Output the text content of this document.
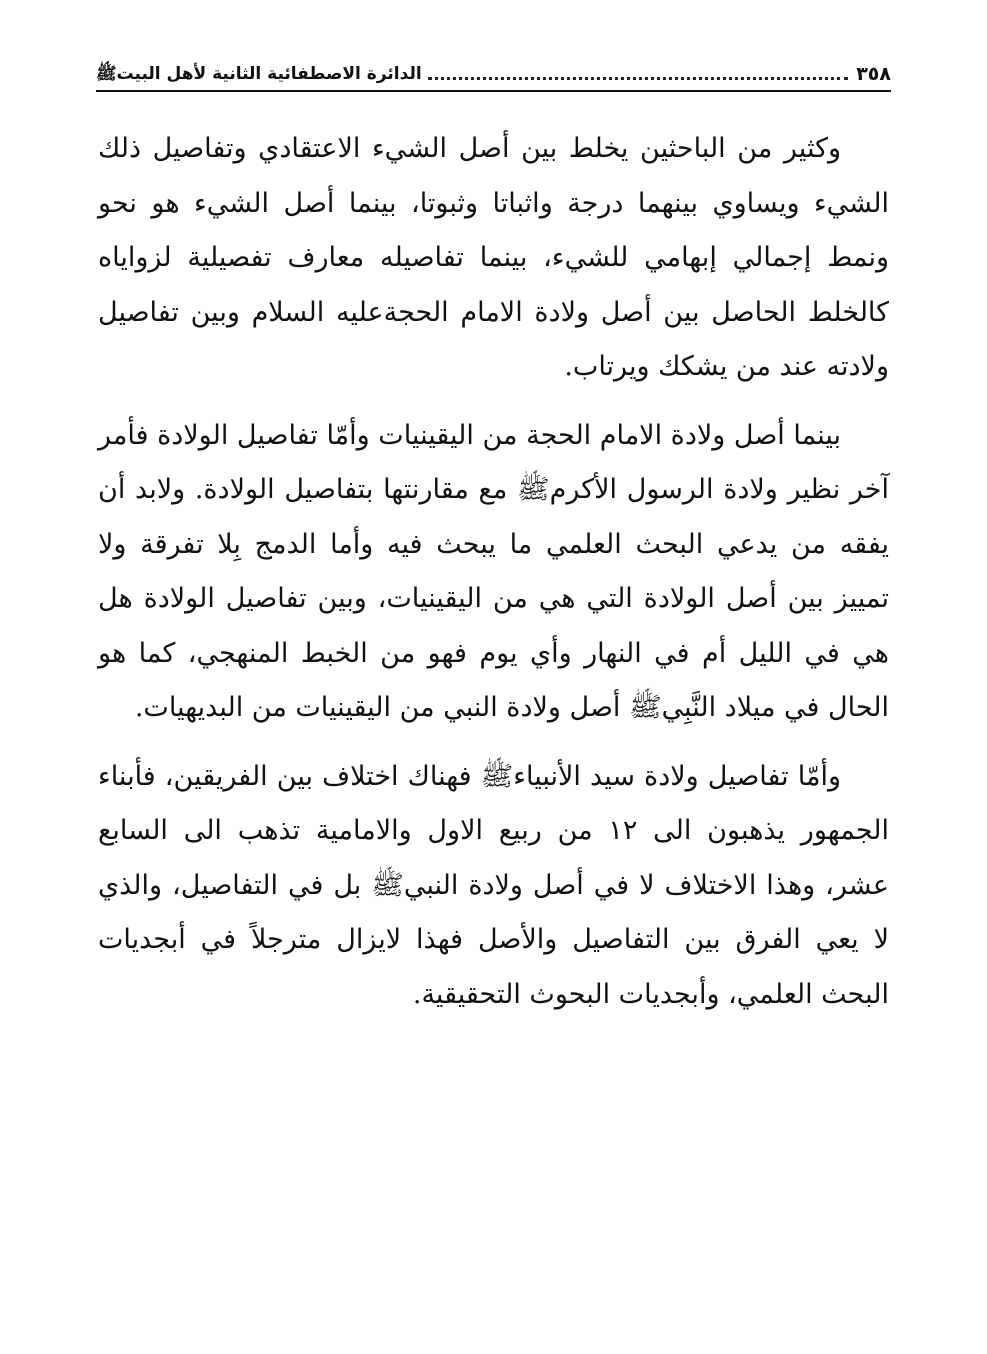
٣٥٨
الدائرة الاصطفائية الثانية لأهل البيتﷺ

وكثير من الباحثين يخلط بين أصل الشيء الاعتقادي وتفاصيل ذلك الشيء ويساوي بينهما درجة واثباتا وثبوتا، بينما أصل الشيء هو نحو ونمط إجمالي إبهامي للشيء، بينما تفاصيله معارف تفصيلية لزواياه كالخلط الحاصل بين أصل ولادة الامام الحجةعليه السلام وبين تفاصيل ولادته عند من يشكك ويرتاب.

بينما أصل ولادة الامام الحجة من اليقينيات وأمّا تفاصيل الولادة فأمر آخر نظير ولادة الرسول الأكرمﷺ مع مقارنتها بتفاصيل الولادة. ولابد أن يفقه من يدعي البحث العلمي ما يبحث فيه وأما الدمج بِلا تفرقة ولا تمييز بين أصل الولادة التي هي من اليقينيات، وبين تفاصيل الولادة هل هي في الليل أم في النهار وأي يوم فهو من الخبط المنهجي، كما هو الحال في ميلاد النَّبِيﷺ أصل ولادة النبي من اليقينيات من البديهيات.

وأمّا تفاصيل ولادة سيد الأنبياءﷺ فهناك اختلاف بين الفريقين، فأبناء الجمهور يذهبون الى ١٢ من ربيع الاول والامامية تذهب الى السابع عشر، وهذا الاختلاف لا في أصل ولادة النبيﷺ بل في التفاصيل، والذي لا يعي الفرق بين التفاصيل والأصل فهذا لايزال مترجلاً في أبجديات البحث العلمي، وأبجديات البحوث التحقيقية.
